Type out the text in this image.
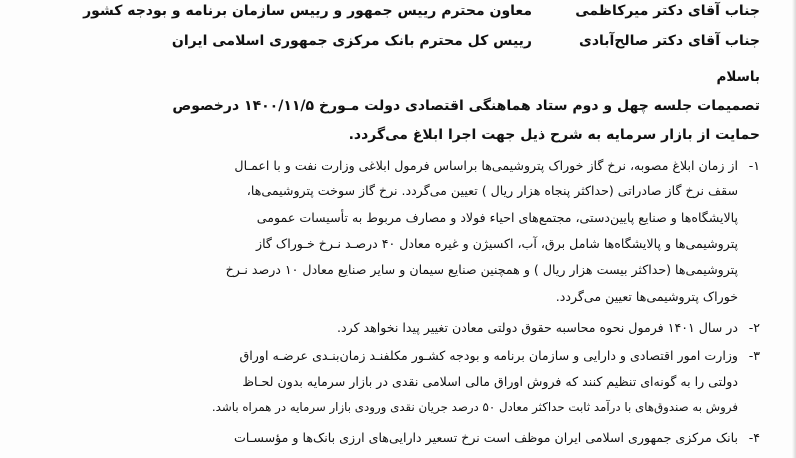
جناب آقای دکتر میرکاظمی
معاون محترم رییس جمهور و رییس سازمان برنامه و بودجه کشور
جناب آقای دکتر صالح‌آبادی
رییس کل محترم بانک مرکزی جمهوری اسلامی ایران
باسلام
تصمیمات جلسه چهل و دوم ستاد هماهنگی اقتصادی دولت مـورخ ۱۴۰۰/۱۱/۵ درخصوص
حمایت از بازار سرمایه به شرح ذیل جهت اجرا ابلاغ می‌گردد.
۱-
از زمان ابلاغ مصوبه، نرخ گاز خوراک پتروشیمی‌ها براساس فرمول ابلاغی وزارت نفت و با اعمـال
سقف نرخ گاز صادراتی (حداکثر پنجاه هزار ریال ) تعیین می‌گردد. نرخ گاز سوخت پتروشیمی‌ها،
پالایشگاه‌ها و صنایع پایین‌دستی، مجتمع‌های احیاء فولاد و مصارف مربوط به تأسیسات عمومی
پتروشیمی‌ها و پالایشگاه‌ها شامل برق، آب، اکسیژن و غیره معادل ۴۰ درصـد نـرخ خـوراک گاز
پتروشیمی‌ها (حداکثر بیست هزار ریال ) و همچنین صنایع سیمان و سایر صنایع معادل ۱۰ درصد نـرخ
خوراک پتروشیمی‌ها تعیین می‌گردد.
۲-
در سال ۱۴۰۱ فرمول نحوه محاسبه حقوق دولتی معادن تغییر پیدا نخواهد کرد.
۳-
وزارت امور اقتصادی و دارایی و سازمان برنامه و بودجه کشـور مکلفنـد زمان‌بنـدی عرضـه اوراق
دولتی را به گونه‌ای تنظیم کنند که فروش اوراق مالی اسلامی نقدی در بازار سرمایه بدون لحـاظ
فروش به صندوق‌های با درآمد ثابت حداکثر معادل ۵۰ درصد جریان نقدی ورودی بازار سرمایه در همراه باشد.
۴-
بانک مرکزی جمهوری اسلامی ایران موظف است نرخ تسعیر دارایی‌های ارزی بانک‌ها و مؤسسـات
